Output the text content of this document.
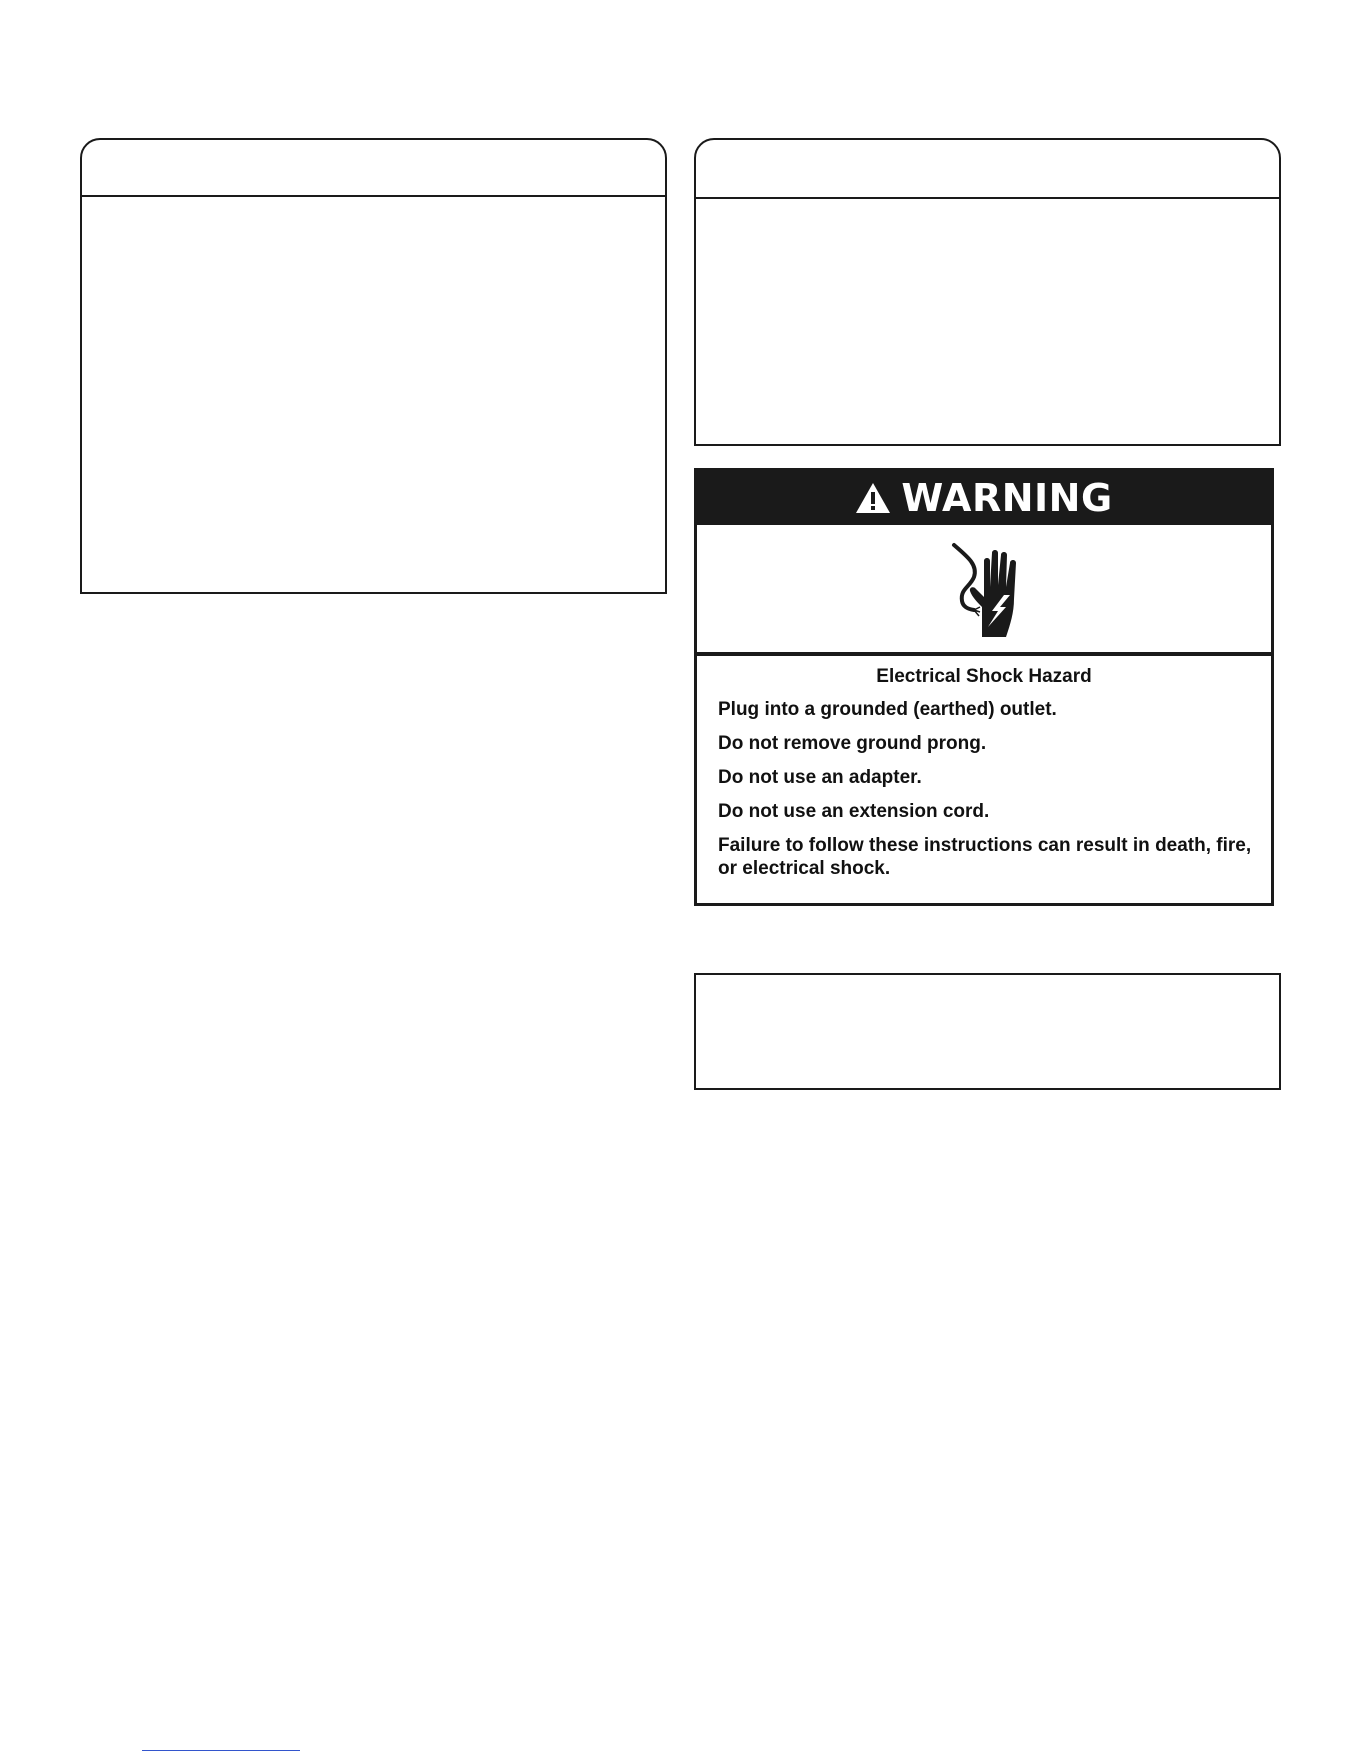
WARNING
Electrical Shock Hazard
Plug into a grounded (earthed) outlet.
Do not remove ground prong.
Do not use an adapter.
Do not use an extension cord.
Failure to follow these instructions can result in death, fire, or electrical shock.
